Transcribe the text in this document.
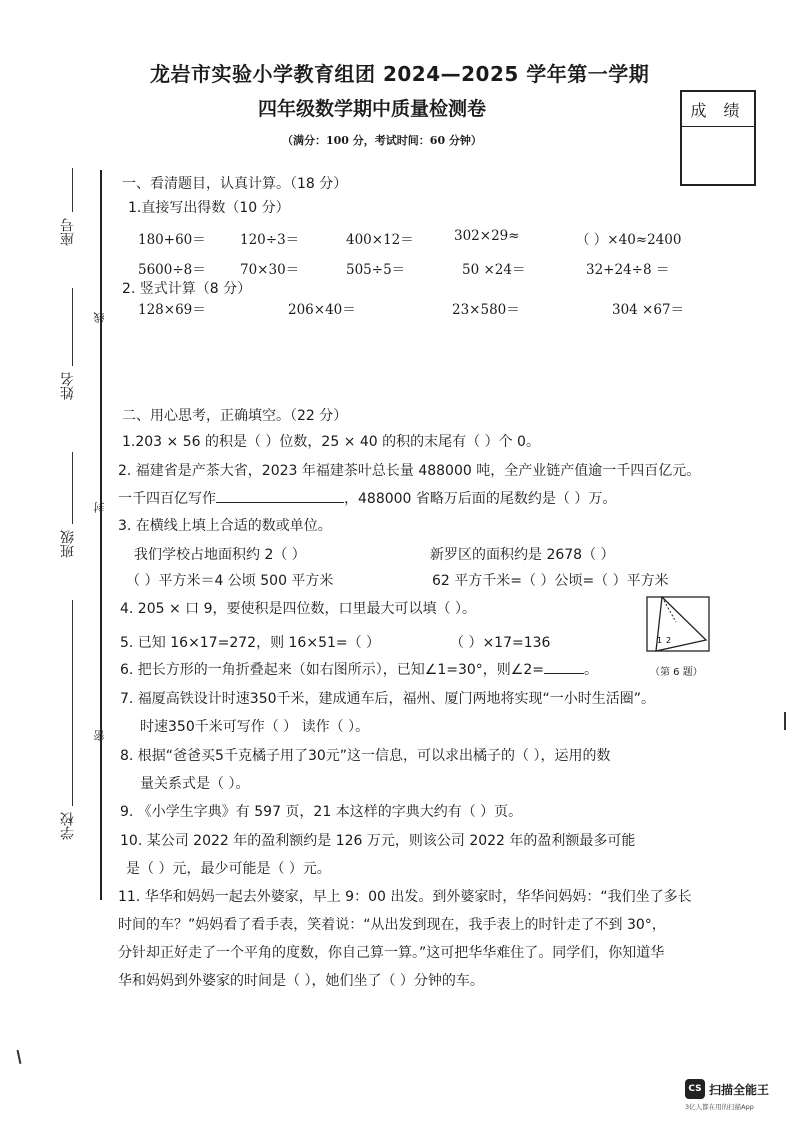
龙岩市实验小学教育组团 2024—2025 学年第一学期
四年级数学期中质量检测卷
（满分：100 分，考试时间：60 分钟）
成 绩
座号
姓名
班级
学校
线
封
密
一、看清题目，认真计算。（18 分）
1.直接写出得数（10 分）
180+60＝	120÷3＝	400×12＝	302×29≈	（ ）×40≈2400
5600÷8＝	70×30＝	505÷5＝	50 ×24＝	32+24÷8 ＝
2. 竖式计算（8 分）
128×69＝	206×40＝	23×580＝	304 ×67＝
二、用心思考，正确填空。（22 分）
1.203 × 56 的积是（ ）位数，25 × 40 的积的末尾有（ ）个 0。
2. 福建省是产茶大省，2023 年福建茶叶总长量 488000 吨，全产业链产值逾一千四百亿元。
一千四百亿写作	，488000 省略万后面的尾数约是（ ）万。
3. 在横线上填上合适的数或单位。
我们学校占地面积约 2（ ）	新罗区的面积约是 2678（ ）
（ ）平方米＝4 公顷 500 平方米	62 平方千米=（ ）公顷=（ ）平方米
4. 205 × 口 9，要使积是四位数，口里最大可以填（ ）。
5. 已知 16×17=272，则 16×51=（ ）	（ ）×17=136	1 2
6. 把长方形的一角折叠起来（如右图所示），已知∠1=30°，则∠2=	。	（第 6 题）
7. 福厦高铁设计时速350千米，建成通车后，福州、厦门两地将实现“一小时生活圈”。
时速350千米可写作（ ） 读作（ ）。
8. 根据“爸爸买5千克橘子用了30元”这一信息，可以求出橘子的（ ），运用的数
量关系式是（ ）。
9. 《小学生字典》有 597 页，21 本这样的字典大约有（ ）页。
10. 某公司 2022 年的盈利额约是 126 万元，则该公司 2022 年的盈利额最多可能
是（ ）元，最少可能是（ ）元。
11. 华华和妈妈一起去外婆家，早上 9：00 出发。到外婆家时，华华问妈妈：“我们坐了多长
时间的车？”妈妈看了看手表，笑着说：“从出发到现在，我手表上的时针走了不到 30°，
分针却正好走了一个平角的度数，你自己算一算。”这可把华华难住了。同学们，你知道华
华和妈妈到外婆家的时间是（ ），她们坐了（ ）分钟的车。
CS 扫描全能王
3亿人都在用的扫描App
